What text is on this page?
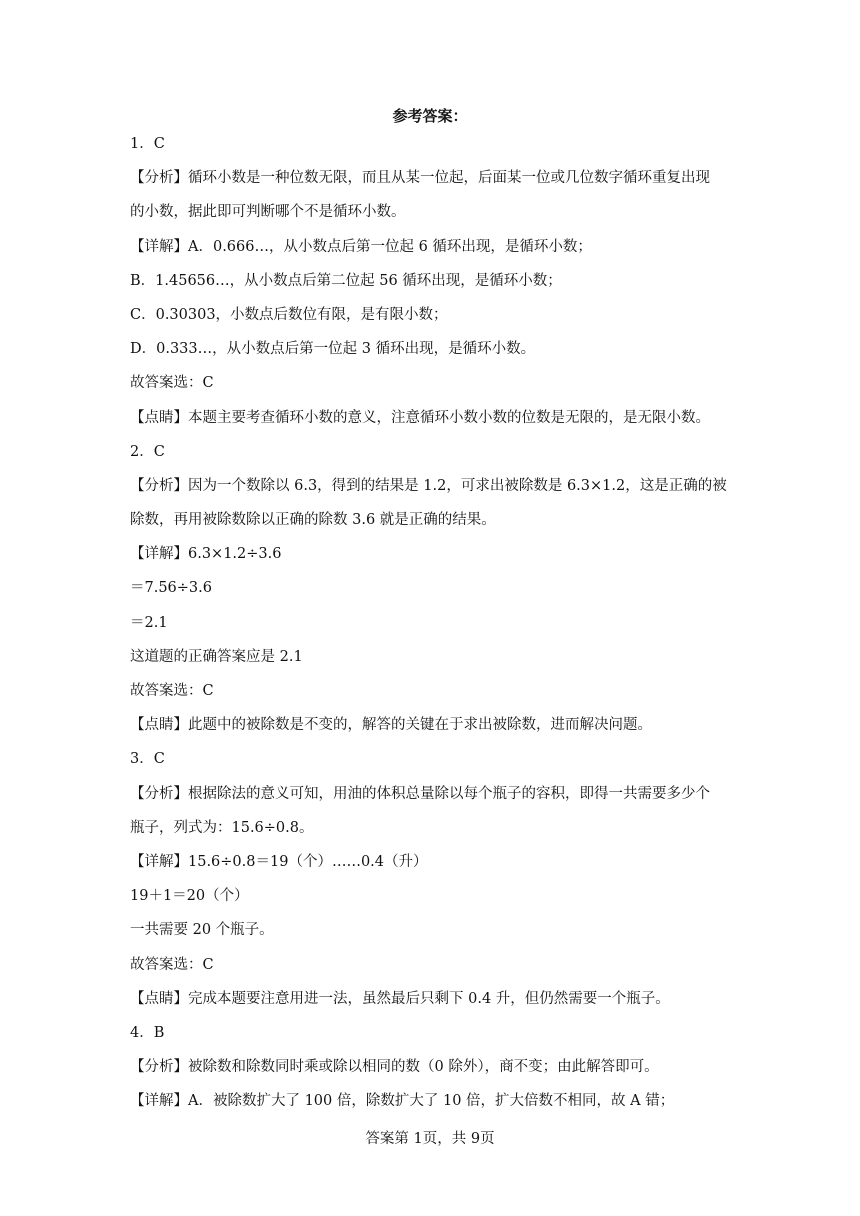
参考答案：
1．C
【分析】循环小数是一种位数无限，而且从某一位起，后面某一位或几位数字循环重复出现
的小数，据此即可判断哪个不是循环小数。
【详解】A．0.666…，从小数点后第一位起 6 循环出现，是循环小数；
B．1.45656…，从小数点后第二位起 56 循环出现，是循环小数；
C．0.30303，小数点后数位有限，是有限小数；
D．0.333…，从小数点后第一位起 3 循环出现，是循环小数。
故答案选：C
【点睛】本题主要考查循环小数的意义，注意循环小数小数的位数是无限的，是无限小数。
2．C
【分析】因为一个数除以 6.3，得到的结果是 1.2，可求出被除数是 6.3×1.2，这是正确的被
除数，再用被除数除以正确的除数 3.6 就是正确的结果。
【详解】6.3×1.2÷3.6
＝7.56÷3.6
＝2.1
这道题的正确答案应是 2.1
故答案选：C
【点睛】此题中的被除数是不变的，解答的关键在于求出被除数，进而解决问题。
3．C
【分析】根据除法的意义可知，用油的体积总量除以每个瓶子的容积，即得一共需要多少个
瓶子，列式为：15.6÷0.8。
【详解】15.6÷0.8＝19（个）……0.4（升）
19＋1＝20（个）
一共需要 20 个瓶子。
故答案选：C
【点睛】完成本题要注意用进一法，虽然最后只剩下 0.4 升，但仍然需要一个瓶子。
4．B
【分析】被除数和除数同时乘或除以相同的数（0 除外），商不变；由此解答即可。
【详解】A．被除数扩大了 100 倍，除数扩大了 10 倍，扩大倍数不相同，故 A 错；
答案第 1页，共 9页
